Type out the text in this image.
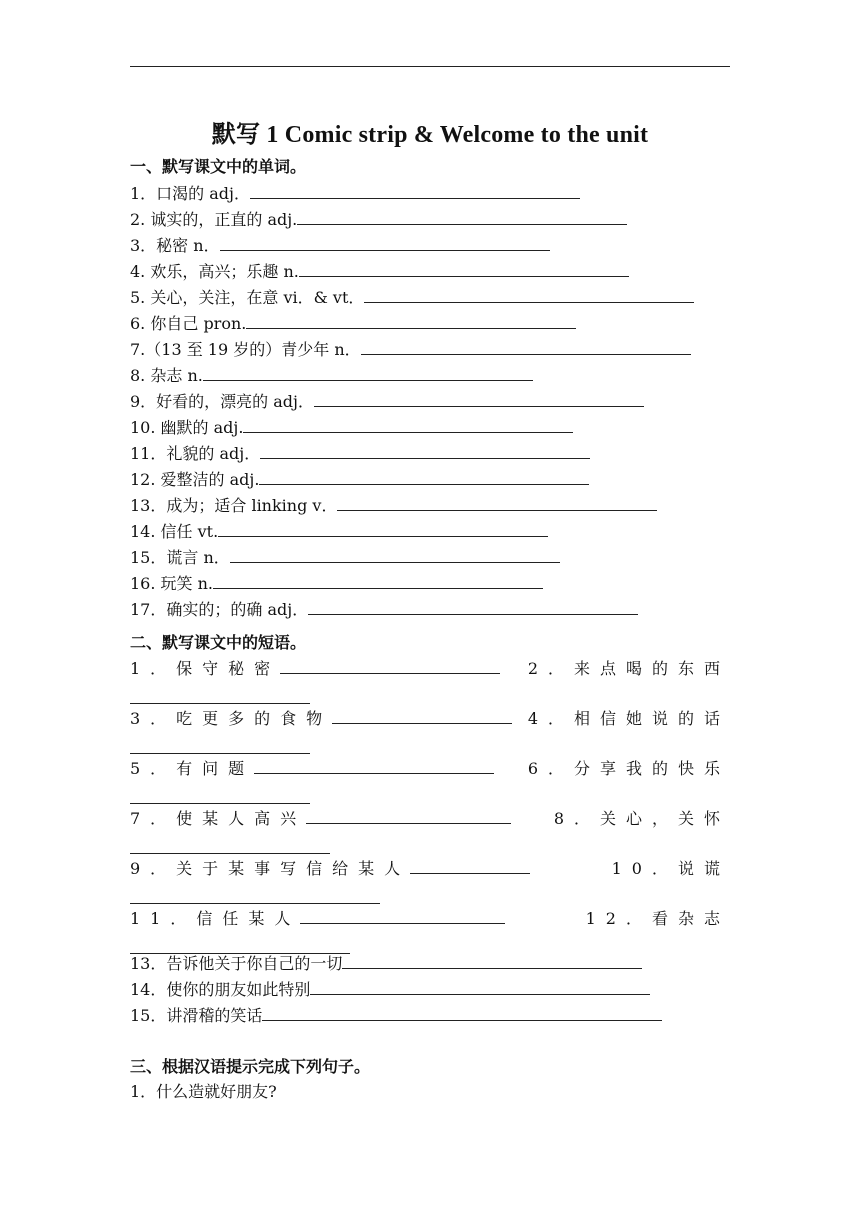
默写 1 Comic strip & Welcome to the unit
一、默写课文中的单词。
1．口渴的 adj．
2. 诚实的，正直的 adj.
3．秘密 n．
4. 欢乐，高兴；乐趣 n.
5. 关心，关注，在意 vi．& vt．
6. 你自己 pron.
7.（13 至 19 岁的）青少年 n．
8. 杂志 n.
9．好看的，漂亮的 adj．
10. 幽默的 adj.
11．礼貌的 adj．
12. 爱整洁的 adj.
13．成为；适合 linking v．
14. 信任 vt.
15．谎言 n．
16. 玩笑 n.
17．确实的；的确 adj．
二、默写课文中的短语。
1．保守秘密	2．来点喝的东西
3．吃更多的食物	4．相信她说的话
5．有问题	6．分享我的快乐
7．使某人高兴	8．关心，关怀
9．关于某事写信给某人	10．说谎
11．信任某人	12．看杂志
13．告诉他关于你自己的一切
14．使你的朋友如此特别
15．讲滑稽的笑话
三、根据汉语提示完成下列句子。
1．什么造就好朋友?
